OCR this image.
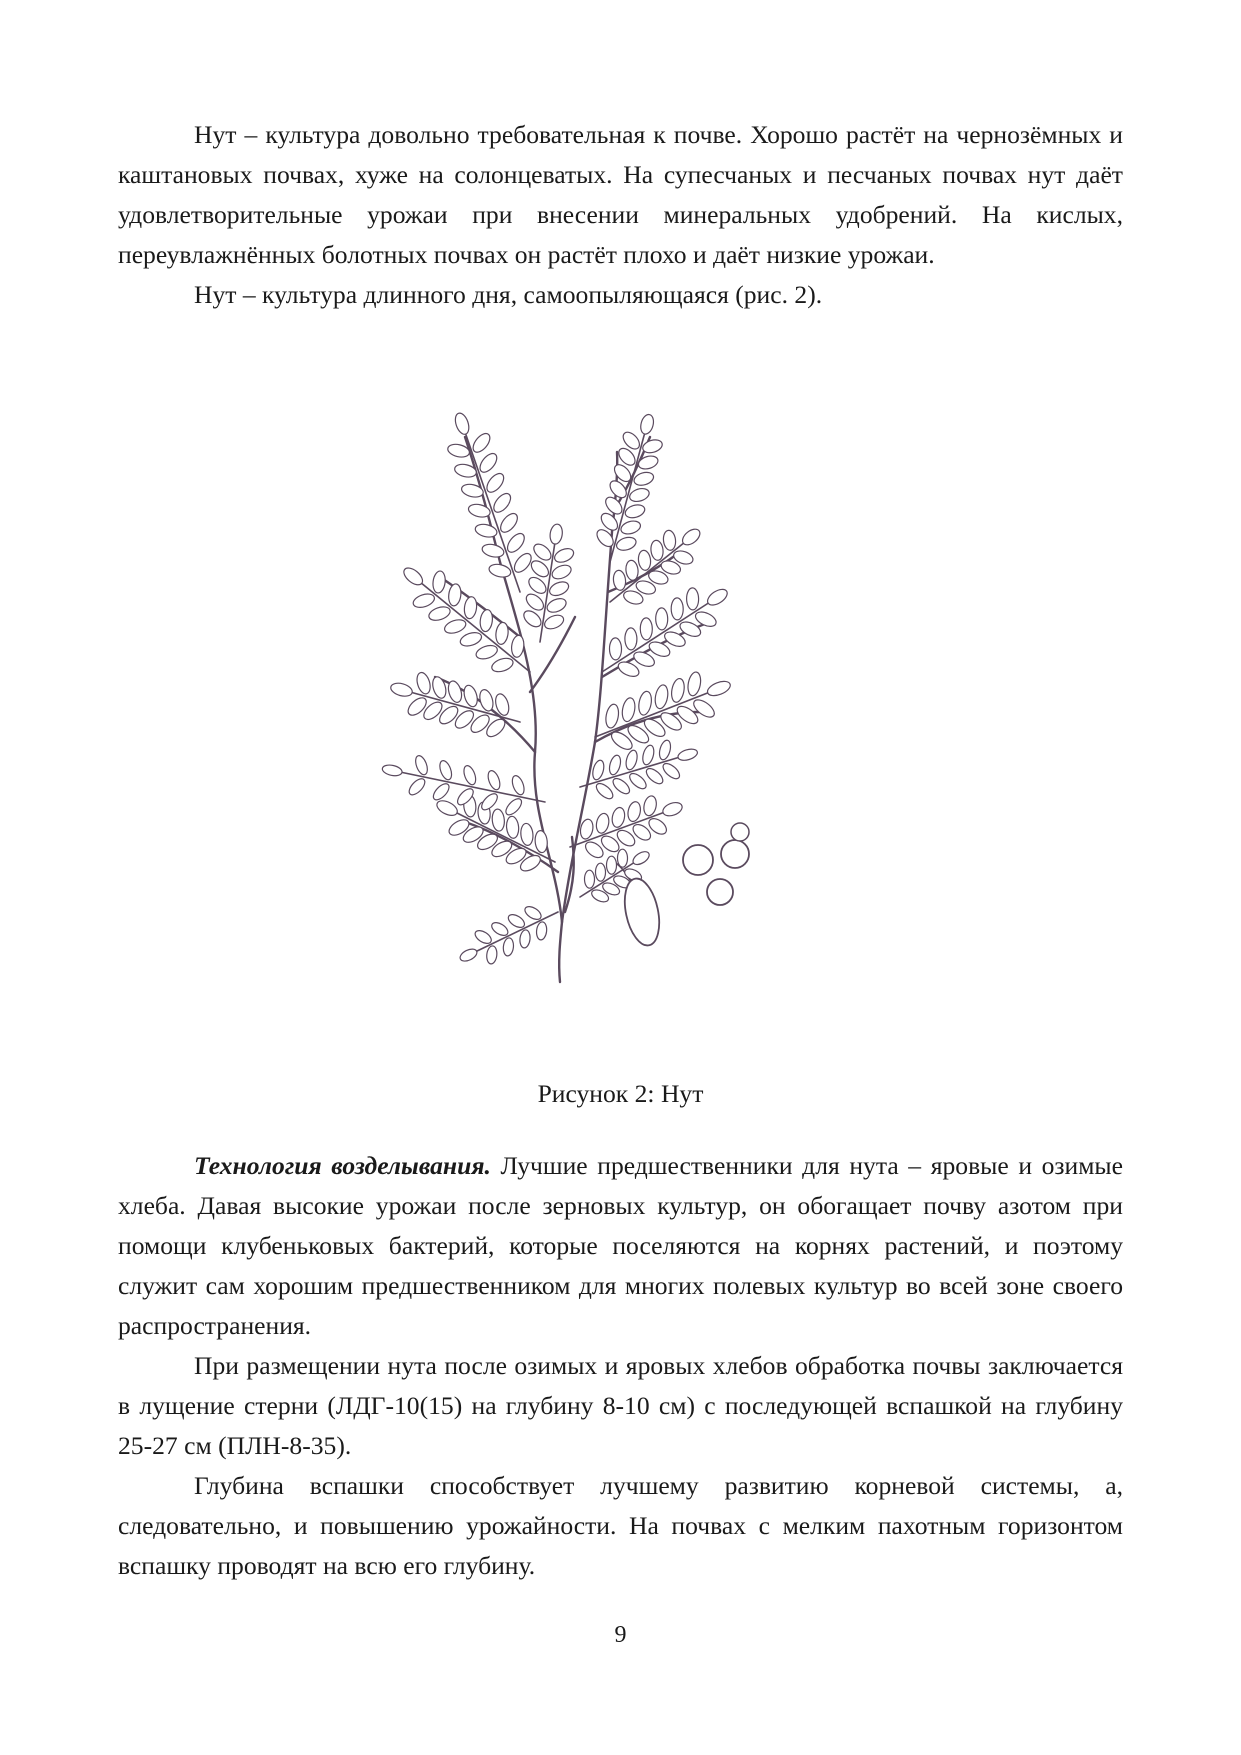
Нут – культура довольно требовательная к почве. Хорошо растёт на чернозёмных и каштановых почвах, хуже на солонцеватых. На супесчаных и песчаных почвах нут даёт удовлетворительные урожаи при внесении минеральных удобрений. На кислых, переувлажнённых болотных почвах он растёт плохо и даёт низкие урожаи.

Нут – культура длинного дня, самоопыляющаяся (рис. 2).

Рисунок 2: Нут

Технология возделывания. Лучшие предшественники для нута – яровые и озимые хлеба. Давая высокие урожаи после зерновых культур, он обогащает почву азотом при помощи клубеньковых бактерий, которые поселяются на корнях растений, и поэтому служит сам хорошим предшественником для многих полевых культур во всей зоне своего распространения.

При размещении нута после озимых и яровых хлебов обработка почвы заключается в лущение стерни (ЛДГ-10(15) на глубину 8-10 см) с последующей вспашкой на глубину 25-27 см (ПЛН-8-35).

Глубина вспашки способствует лучшему развитию корневой системы, а, следовательно, и повышению урожайности. На почвах с мелким пахотным горизонтом вспашку проводят на всю его глубину.

9
